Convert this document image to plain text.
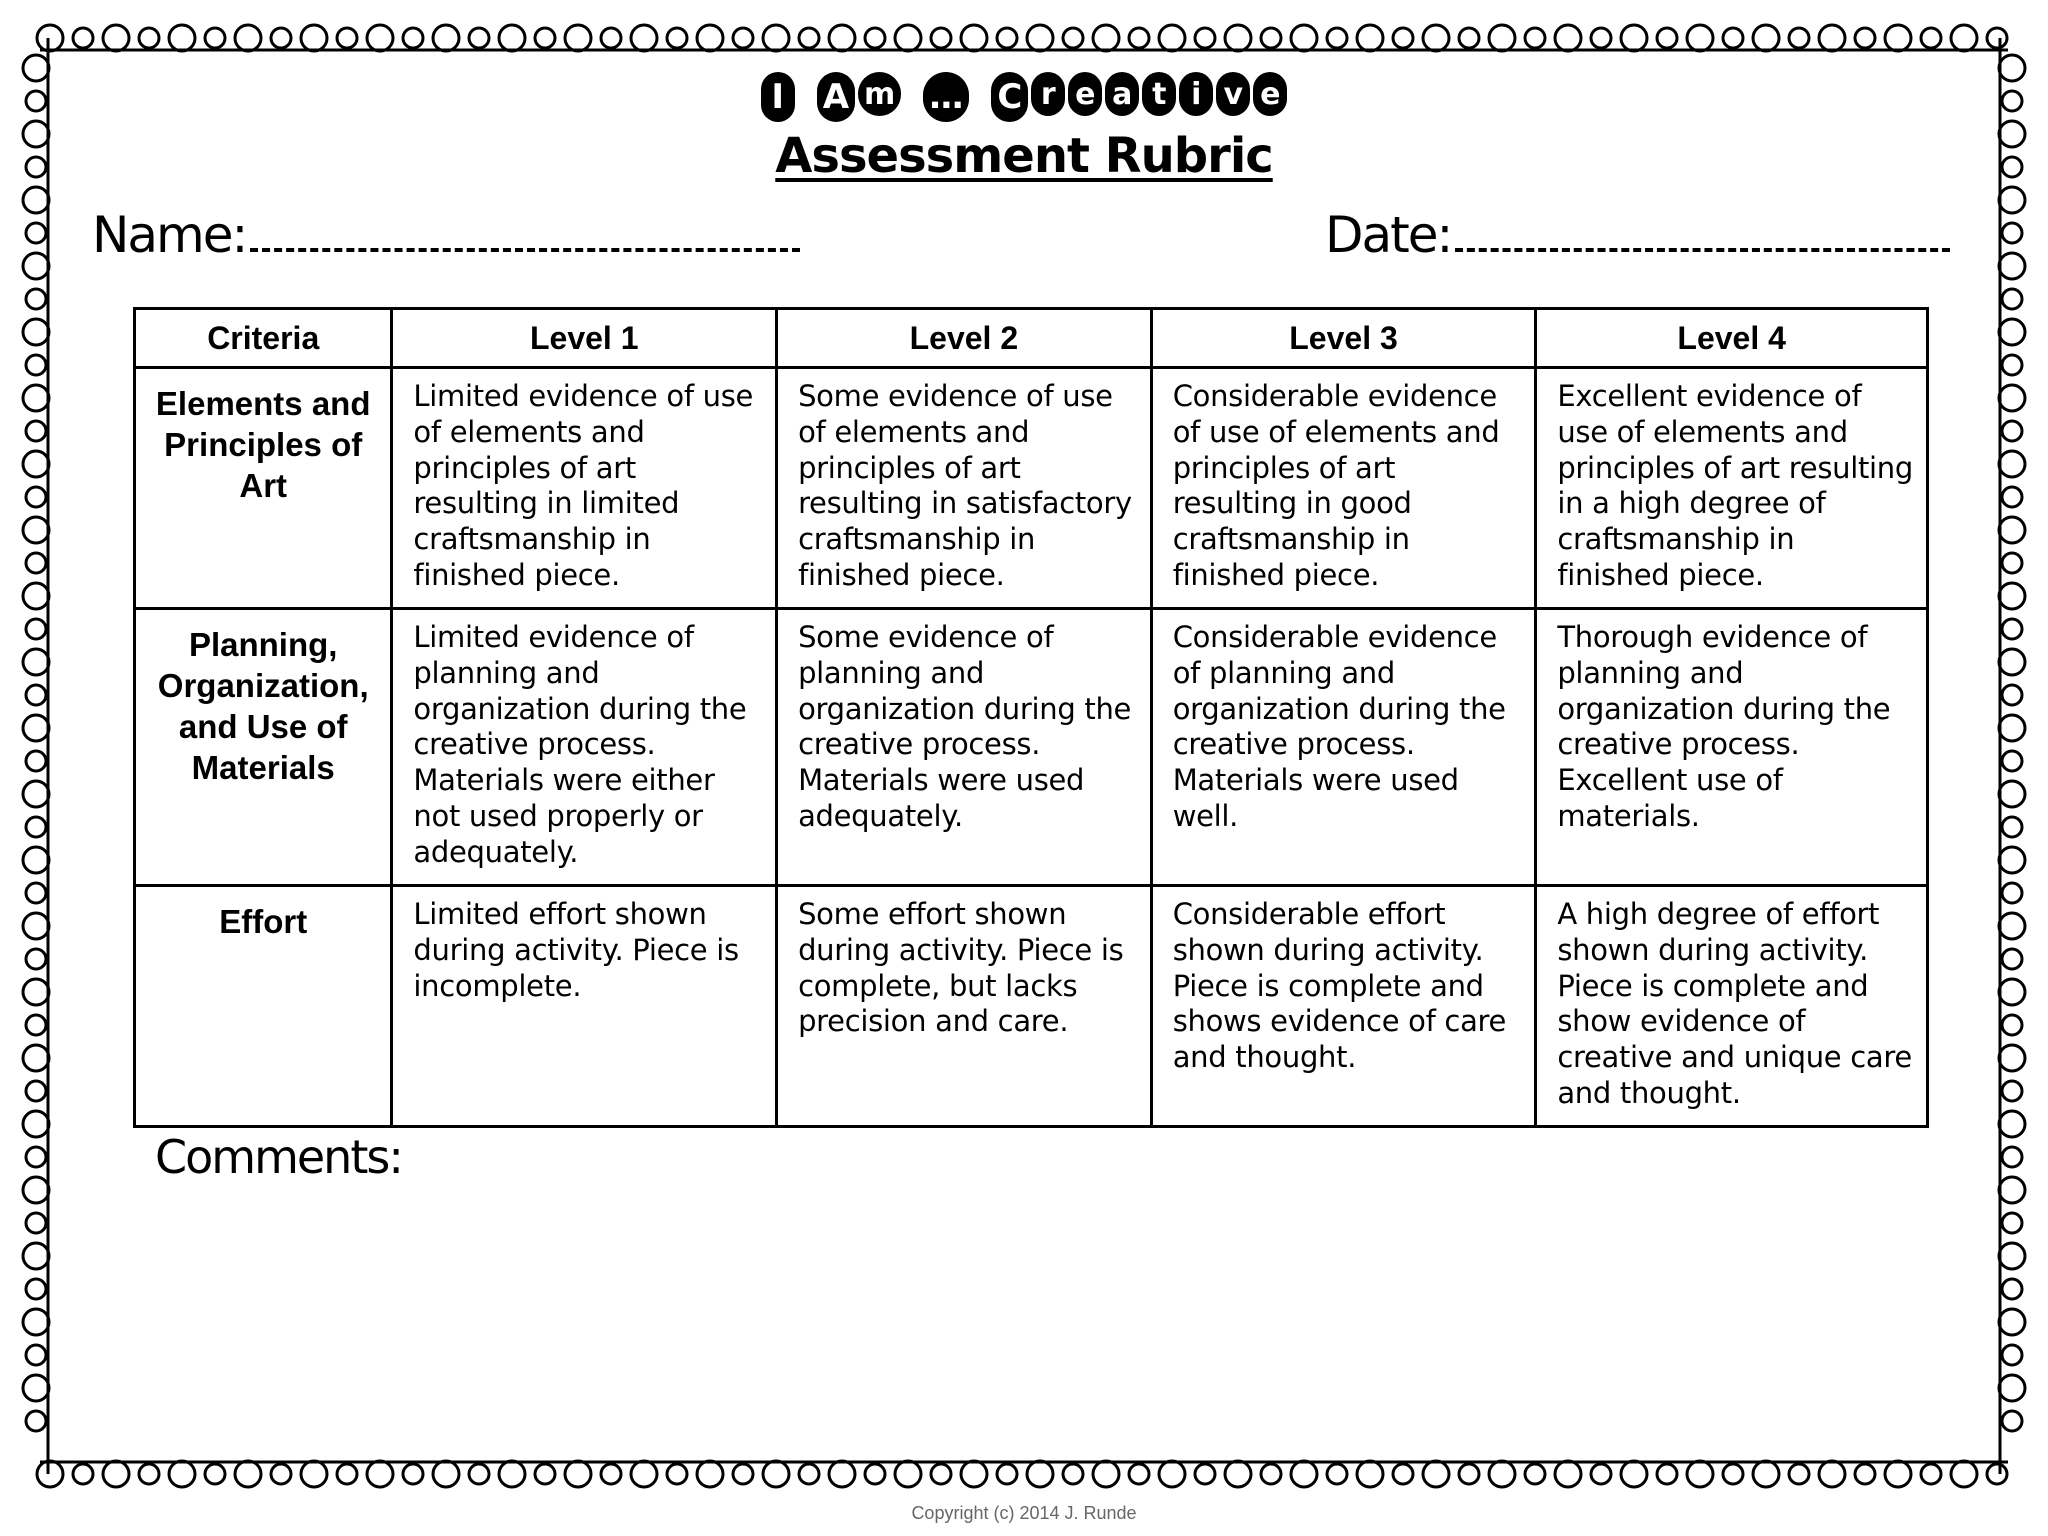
I	A m … C r e a t i v e
Assessment Rubric
Name:	Date:
Criteria	Level 1	Level 2	Level 3	Level 4
Elements and Principles of Art	Limited evidence of use of elements and principles of art resulting in limited craftsmanship in finished piece.	Some evidence of use of elements and principles of art resulting in satisfactory craftsmanship in finished piece.	Considerable evidence of use of elements and principles of art resulting in good craftsmanship in finished piece.	Excellent evidence of use of elements and principles of art resulting in a high degree of craftsmanship in finished piece.
Planning, Organization, and Use of Materials	Limited evidence of planning and organization during the creative process. Materials were either not used properly or adequately.	Some evidence of planning and organization during the creative process. Materials were used adequately.	Considerable evidence of planning and organization during the creative process. Materials were used well.	Thorough evidence of planning and organization during the creative process. Excellent use of materials.
Effort	Limited effort shown during activity. Piece is incomplete.	Some effort shown during activity. Piece is complete, but lacks precision and care.	Considerable effort shown during activity. Piece is complete and shows evidence of care and thought.	A high degree of effort shown during activity. Piece is complete and show evidence of creative and unique care and thought.
Comments:
Copyright (c) 2014 J. Runde
